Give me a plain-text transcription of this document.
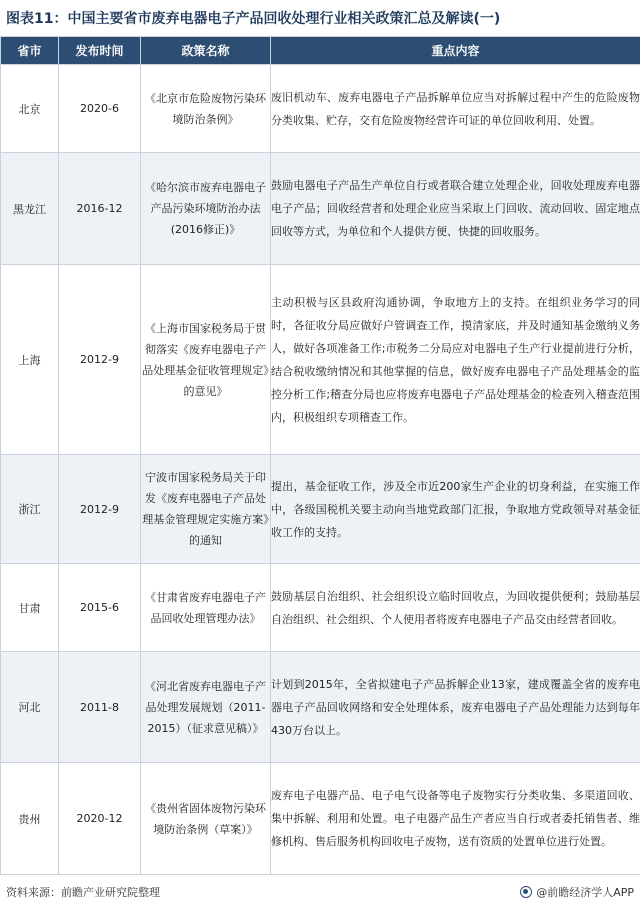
图表11：中国主要省市废弃电器电子产品回收处理行业相关政策汇总及解读(一)
省市	发布时间	政策名称	重点内容
北京	2020-6	《北京市危险废物污染环境防治条例》	废旧机动车、废弃电器电子产品拆解单位应当对拆解过程中产生的危险废物分类收集、贮存，交有危险废物经营许可证的单位回收利用、处置。
黑龙江	2016-12	《哈尔滨市废弃电器电子产品污染环境防治办法(2016修正)》	鼓励电器电子产品生产单位自行或者联合建立处理企业，回收处理废弃电器电子产品；回收经营者和处理企业应当采取上门回收、流动回收、固定地点回收等方式，为单位和个人提供方便、快捷的回收服务。
上海	2012-9	《上海市国家税务局于贯彻落实《废弃电器电子产品处理基金征收管理规定》的意见》	主动积极与区县政府沟通协调，争取地方上的支持。在组织业务学习的同时，各征收分局应做好户管调查工作，摸清家底，并及时通知基金缴纳义务人，做好各项准备工作;市税务二分局应对电器电子生产行业提前进行分析，结合税收缴纳情况和其他掌握的信息，做好废弃电器电子产品处理基金的监控分析工作;稽查分局也应将废弃电器电子产品处理基金的检查列入稽查范围内，积极组织专项稽查工作。
浙江	2012-9	宁波市国家税务局关于印发《废弃电器电子产品处理基金管理规定实施方案》的通知	提出，基金征收工作，涉及全市近200家生产企业的切身利益，在实施工作中，各级国税机关要主动向当地党政部门汇报，争取地方党政领导对基金征收工作的支持。
甘肃	2015-6	《甘肃省废弃电器电子产品回收处理管理办法》	鼓励基层自治组织、社会组织设立临时回收点，为回收提供便利；鼓励基层自治组织、社会组织、个人使用者将废弃电器电子产品交由经营者回收。
河北	2011-8	《河北省废弃电器电子产品处理发展规划（2011-2015）（征求意见稿）》	计划到2015年，全省拟建电子产品拆解企业13家，建成覆盖全省的废弃电器电子产品回收网络和安全处理体系，废弃电器电子产品处理能力达到每年430万台以上。
贵州	2020-12	《贵州省固体废物污染环境防治条例（草案）》	废弃电子电器产品、电子电气设备等电子废物实行分类收集、多渠道回收、集中拆解、利用和处置。电子电器产品生产者应当自行或者委托销售者、维修机构、售后服务机构回收电子废物，送有资质的处置单位进行处置。
资料来源：前瞻产业研究院整理	@前瞻经济学人APP
